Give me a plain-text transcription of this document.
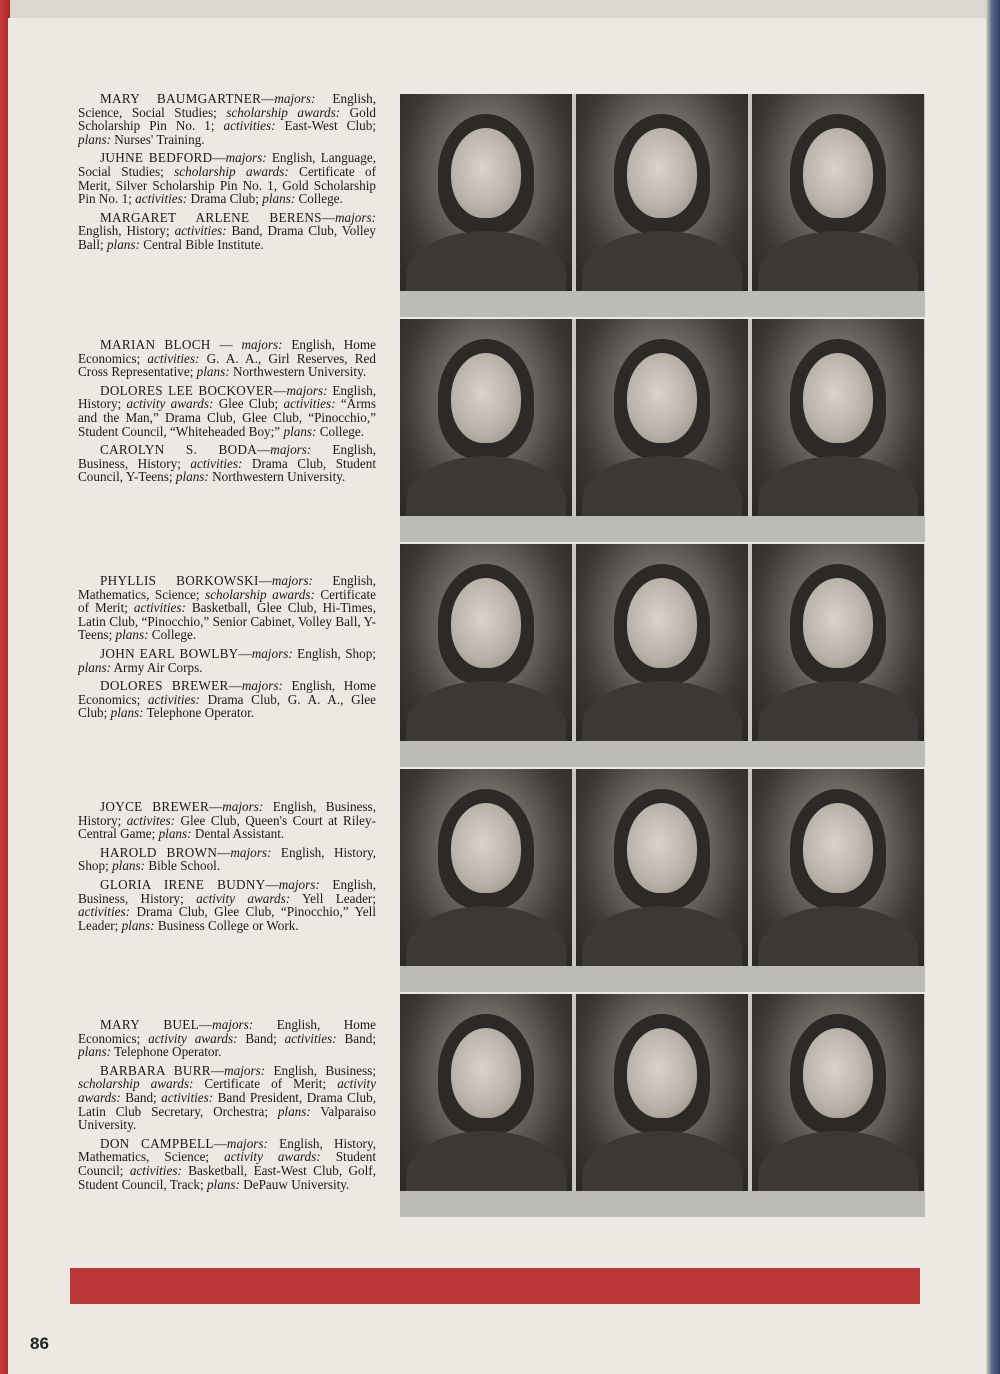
MARY BAUMGARTNER—majors: English, Science, Social Studies; scholarship awards: Gold Scholarship Pin No. 1; activities: East-West Club; plans: Nurses' Training.

JUHNE BEDFORD—majors: English, Language, Social Studies; scholarship awards: Certificate of Merit, Silver Scholarship Pin No. 1, Gold Scholarship Pin No. 1; activities: Drama Club; plans: College.

MARGARET ARLENE BERENS—majors: English, History; activities: Band, Drama Club, Volley Ball; plans: Central Bible Institute.

MARIAN BLOCH — majors: English, Home Economics; activities: G. A. A., Girl Reserves, Red Cross Representative; plans: Northwestern University.

DOLORES LEE BOCKOVER—majors: English, History; activity awards: Glee Club; activities: “Arms and the Man,” Drama Club, Glee Club, “Pinocchio,” Student Council, “Whiteheaded Boy;” plans: College.

CAROLYN S. BODA—majors: English, Business, History; activities: Drama Club, Student Council, Y-Teens; plans: Northwestern University.

PHYLLIS BORKOWSKI—majors: English, Mathematics, Science; scholarship awards: Certificate of Merit; activities: Basketball, Glee Club, Hi-Times, Latin Club, “Pinocchio,” Senior Cabinet, Volley Ball, Y-Teens; plans: College.

JOHN EARL BOWLBY—majors: English, Shop; plans: Army Air Corps.

DOLORES BREWER—majors: English, Home Economics; activities: Drama Club, G. A. A., Glee Club; plans: Telephone Operator.

JOYCE BREWER—majors: English, Business, History; activites: Glee Club, Queen's Court at Riley-Central Game; plans: Dental Assistant.

HAROLD BROWN—majors: English, History, Shop; plans: Bible School.

GLORIA IRENE BUDNY—majors: English, Business, History; activity awards: Yell Leader; activities: Drama Club, Glee Club, “Pinocchio,” Yell Leader; plans: Business College or Work.

MARY BUEL—majors: English, Home Economics; activity awards: Band; activities: Band; plans: Telephone Operator.

BARBARA BURR—majors: English, Business; scholarship awards: Certificate of Merit; activity awards: Band; activities: Band President, Drama Club, Latin Club Secretary, Orchestra; plans: Valparaiso University.

DON CAMPBELL—majors: English, History, Mathematics, Science; activity awards: Student Council; activities: Basketball, East-West Club, Golf, Student Council, Track; plans: DePauw University.

86
